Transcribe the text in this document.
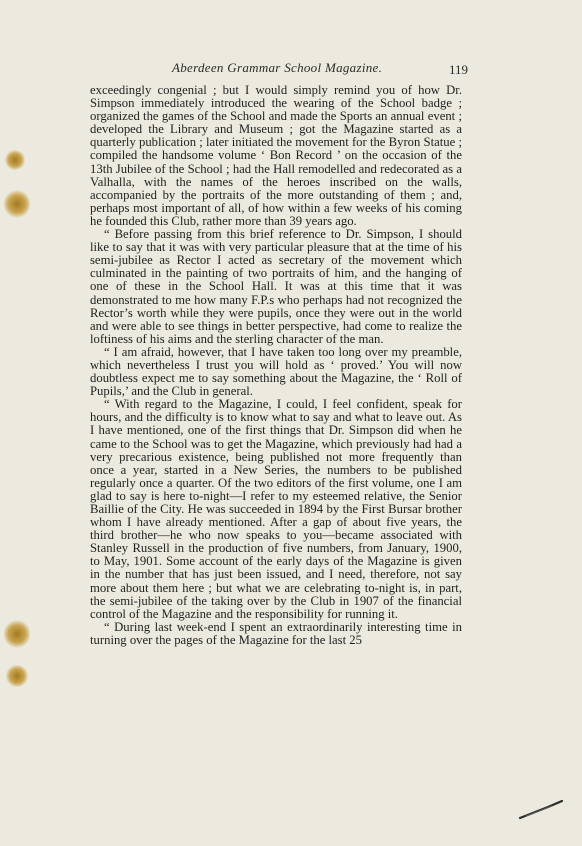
Aberdeen Grammar School Magazine.	119

exceedingly congenial ; but I would simply remind you of how Dr. Simpson immediately introduced the wearing of the School badge ; organized the games of the School and made the Sports an annual event ; developed the Library and Museum ; got the Magazine started as a quarterly publication ; later initiated the movement for the Byron Statue ; compiled the handsome volume ‘ Bon Record ’ on the occasion of the 13th Jubilee of the School ; had the Hall remodelled and redecorated as a Valhalla, with the names of the heroes inscribed on the walls, accompanied by the portraits of the more outstanding of them ; and, perhaps most important of all, of how within a few weeks of his coming he founded this Club, rather more than 39 years ago.

“ Before passing from this brief reference to Dr. Simpson, I should like to say that it was with very particular pleasure that at the time of his semi-jubilee as Rector I acted as secretary of the movement which culminated in the painting of two portraits of him, and the hanging of one of these in the School Hall. It was at this time that it was demonstrated to me how many F.P.s who perhaps had not recognized the Rector’s worth while they were pupils, once they were out in the world and were able to see things in better perspective, had come to realize the loftiness of his aims and the sterling character of the man.

“ I am afraid, however, that I have taken too long over my preamble, which nevertheless I trust you will hold as ‘ proved.’ You will now doubtless expect me to say something about the Magazine, the ‘ Roll of Pupils,’ and the Club in general.

“ With regard to the Magazine, I could, I feel confident, speak for hours, and the difficulty is to know what to say and what to leave out. As I have mentioned, one of the first things that Dr. Simpson did when he came to the School was to get the Magazine, which previously had had a very precarious existence, being published not more frequently than once a year, started in a New Series, the numbers to be published regularly once a quarter. Of the two editors of the first volume, one I am glad to say is here to-night—I refer to my esteemed relative, the Senior Baillie of the City. He was succeeded in 1894 by the First Bursar brother whom I have already mentioned. After a gap of about five years, the third brother—he who now speaks to you—became associated with Stanley Russell in the production of five numbers, from January, 1900, to May, 1901. Some account of the early days of the Magazine is given in the number that has just been issued, and I need, therefore, not say more about them here ; but what we are celebrating to-night is, in part, the semi-jubilee of the taking over by the Club in 1907 of the financial control of the Magazine and the responsibility for running it.

“ During last week-end I spent an extraordinarily interesting time in turning over the pages of the Magazine for the last 25
